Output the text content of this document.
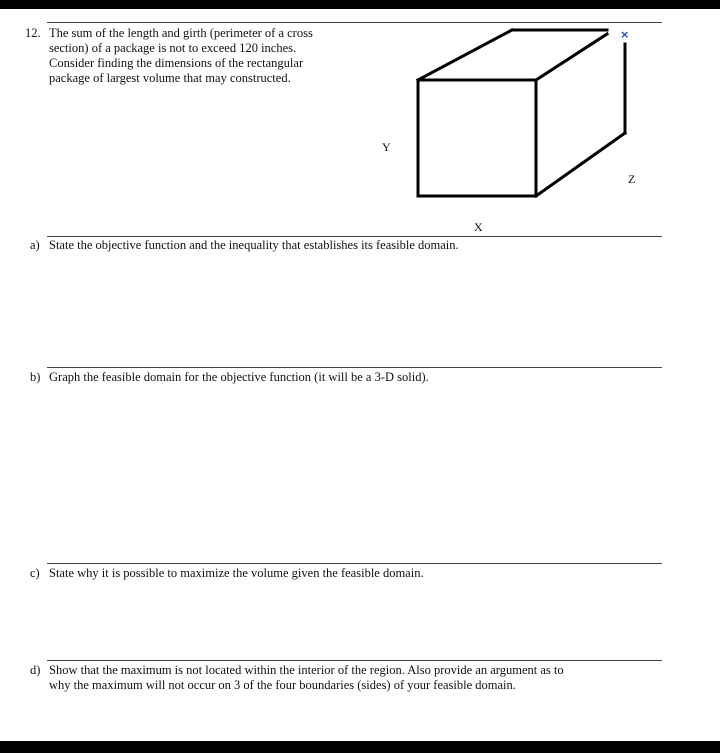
12. The sum of the length and girth (perimeter of a cross
section) of a package is not to exceed 120 inches.
Consider finding the dimensions of the rectangular
package of largest volume that may constructed.
×
Y
Z
X
a) State the objective function and the inequality that establishes its feasible domain.
b) Graph the feasible domain for the objective function (it will be a 3-D solid).
c) State why it is possible to maximize the volume given the feasible domain.
d) Show that the maximum is not located within the interior of the region. Also provide an argument as to
why the maximum will not occur on 3 of the four boundaries (sides) of your feasible domain.
